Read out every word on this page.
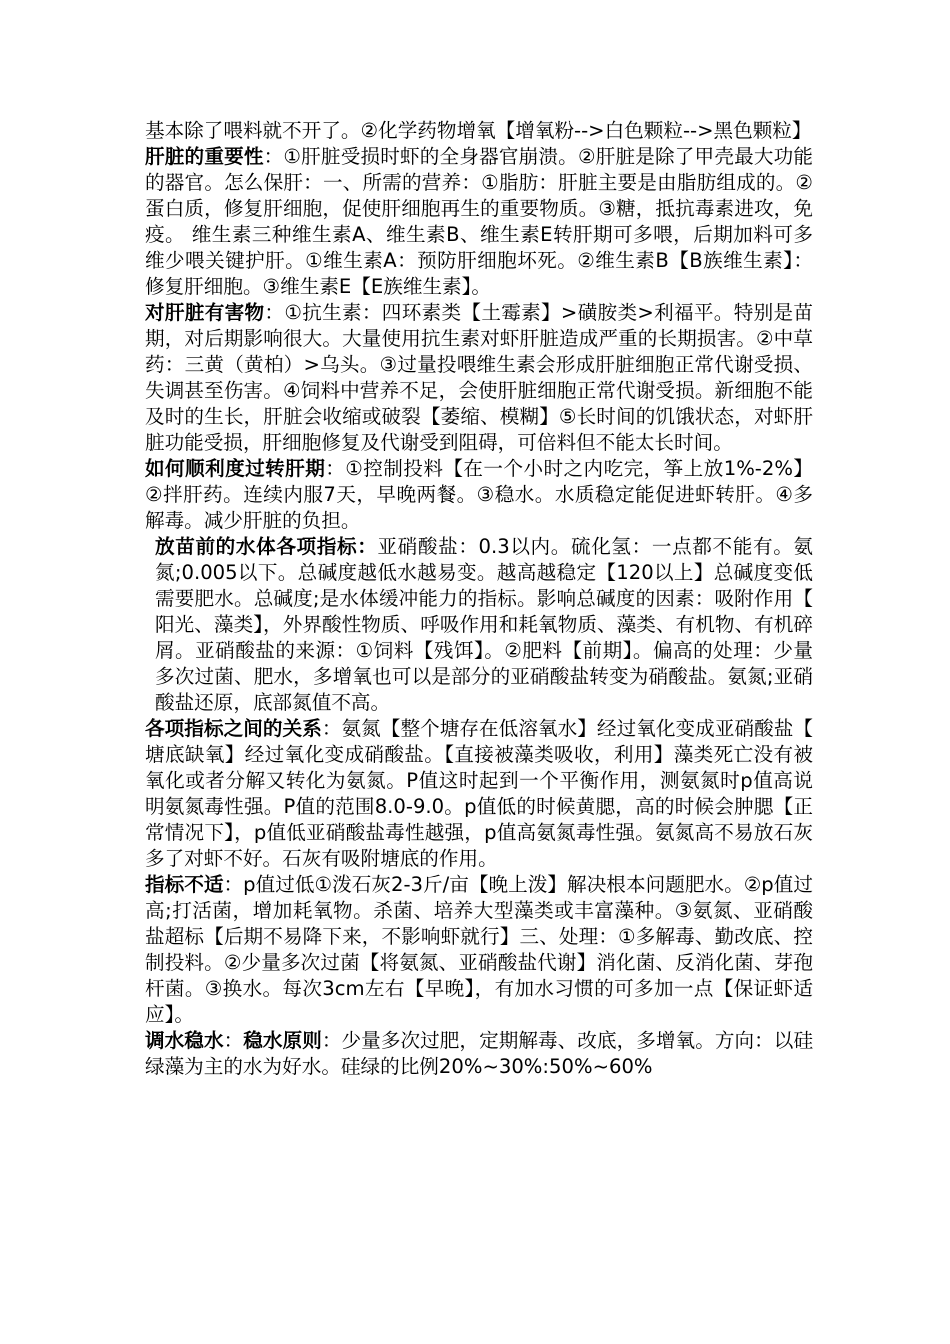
基本除了喂料就不开了。②化学药物增氧【增氧粉-->白色颗粒-->黑色颗粒】

肝脏的重要性：①肝脏受损时虾的全身器官崩溃。②肝脏是除了甲壳最大功能的器官。怎么保肝：一、所需的营养：①脂肪：肝脏主要是由脂肪组成的。②蛋白质，修复肝细胞，促使肝细胞再生的重要物质。③糖，抵抗毒素进攻，免疫。 维生素三种维生素A、维生素B、维生素E转肝期可多喂，后期加料可多维少喂关键护肝。①维生素A：预防肝细胞坏死。②维生素B【B族维生素】：修复肝细胞。③维生素E【E族维生素】。

对肝脏有害物：①抗生素：四环素类【土霉素】>磺胺类>利福平。特别是苗期，对后期影响很大。大量使用抗生素对虾肝脏造成严重的长期损害。②中草药：三黄（黄柏）>乌头。③过量投喂维生素会形成肝脏细胞正常代谢受损、失调甚至伤害。④饲料中营养不足，会使肝脏细胞正常代谢受损。新细胞不能及时的生长，肝脏会收缩或破裂【萎缩、模糊】⑤长时间的饥饿状态，对虾肝脏功能受损，肝细胞修复及代谢受到阻碍，可倍料但不能太长时间。

如何顺利度过转肝期：①控制投料【在一个小时之内吃完，筝上放1%-2%】②拌肝药。连续内服7天，早晚两餐。③稳水。水质稳定能促进虾转肝。④多解毒。减少肝脏的负担。

放苗前的水体各项指标：亚硝酸盐：0.3以内。硫化氢：一点都不能有。氨氮;0.005以下。总碱度越低水越易变。越高越稳定【120以上】总碱度变低需要肥水。总碱度;是水体缓冲能力的指标。影响总碱度的因素：吸附作用【阳光、藻类】，外界酸性物质、呼吸作用和耗氧物质、藻类、有机物、有机碎屑。亚硝酸盐的来源：①饲料【残饵】。②肥料【前期】。偏高的处理：少量多次过菌、肥水，多增氧也可以是部分的亚硝酸盐转变为硝酸盐。氨氮;亚硝酸盐还原，底部氮值不高。

各项指标之间的关系：氨氮【整个塘存在低溶氧水】经过氧化变成亚硝酸盐【塘底缺氧】经过氧化变成硝酸盐。【直接被藻类吸收，利用】藻类死亡没有被氧化或者分解又转化为氨氮。P值这时起到一个平衡作用，测氨氮时p值高说明氨氮毒性强。P值的范围8.0-9.0。p值低的时候黄腮，高的时候会肿腮【正常情况下】，p值低亚硝酸盐毒性越强，p值高氨氮毒性强。氨氮高不易放石灰多了对虾不好。石灰有吸附塘底的作用。

指标不适：p值过低①泼石灰2-3斤/亩【晚上泼】解决根本问题肥水。②p值过高;打活菌，增加耗氧物。杀菌、培养大型藻类或丰富藻种。③氨氮、亚硝酸盐超标【后期不易降下来，不影响虾就行】三、处理：①多解毒、勤改底、控制投料。②少量多次过菌【将氨氮、亚硝酸盐代谢】消化菌、反消化菌、芽孢杆菌。③换水。每次3cm左右【早晚】，有加水习惯的可多加一点【保证虾适应】。

调水稳水：稳水原则：少量多次过肥，定期解毒、改底，多增氧。方向：以硅绿藻为主的水为好水。硅绿的比例20%~30%:50%~60%
